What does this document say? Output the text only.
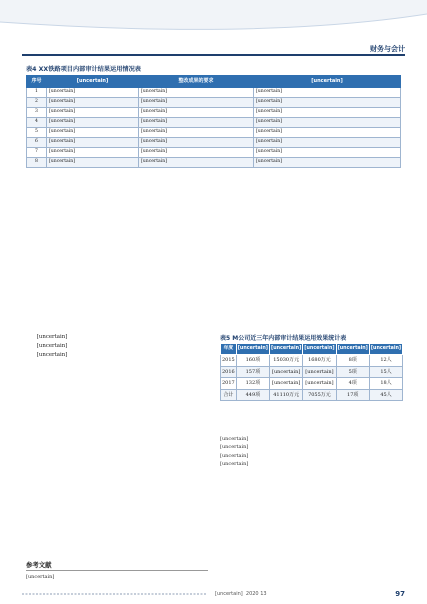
财务与会计
表4 XX铁路项目内部审计结果运用情况表
序号	[uncertain]	整改成果的要求	[uncertain]
1	[uncertain]	[uncertain]	[uncertain]
2	[uncertain]	[uncertain]	[uncertain]
3	[uncertain]	[uncertain]	[uncertain]
4	[uncertain]	[uncertain]	[uncertain]
5	[uncertain]	[uncertain]	[uncertain]
6	[uncertain]	[uncertain]	[uncertain]
7	[uncertain]	[uncertain]	[uncertain]
8	[uncertain]	[uncertain]	[uncertain]

[uncertain]

[uncertain]

[uncertain]

参考文献
[uncertain]
表5 M公司近三年内部审计结果运用效果统计表
年度	[uncertain]	[uncertain]	[uncertain]	[uncertain]	[uncertain]
2015	160项	15030万元	1680万元	8项	12人
2016	157项	[uncertain]	[uncertain]	5项	15人
2017	132项	[uncertain]	[uncertain]	4项	18人
合计	449项	41110万元	7055万元	17项	45人
[uncertain]
[uncertain]
[uncertain]
[uncertain]
[uncertain] 2020 13	97
